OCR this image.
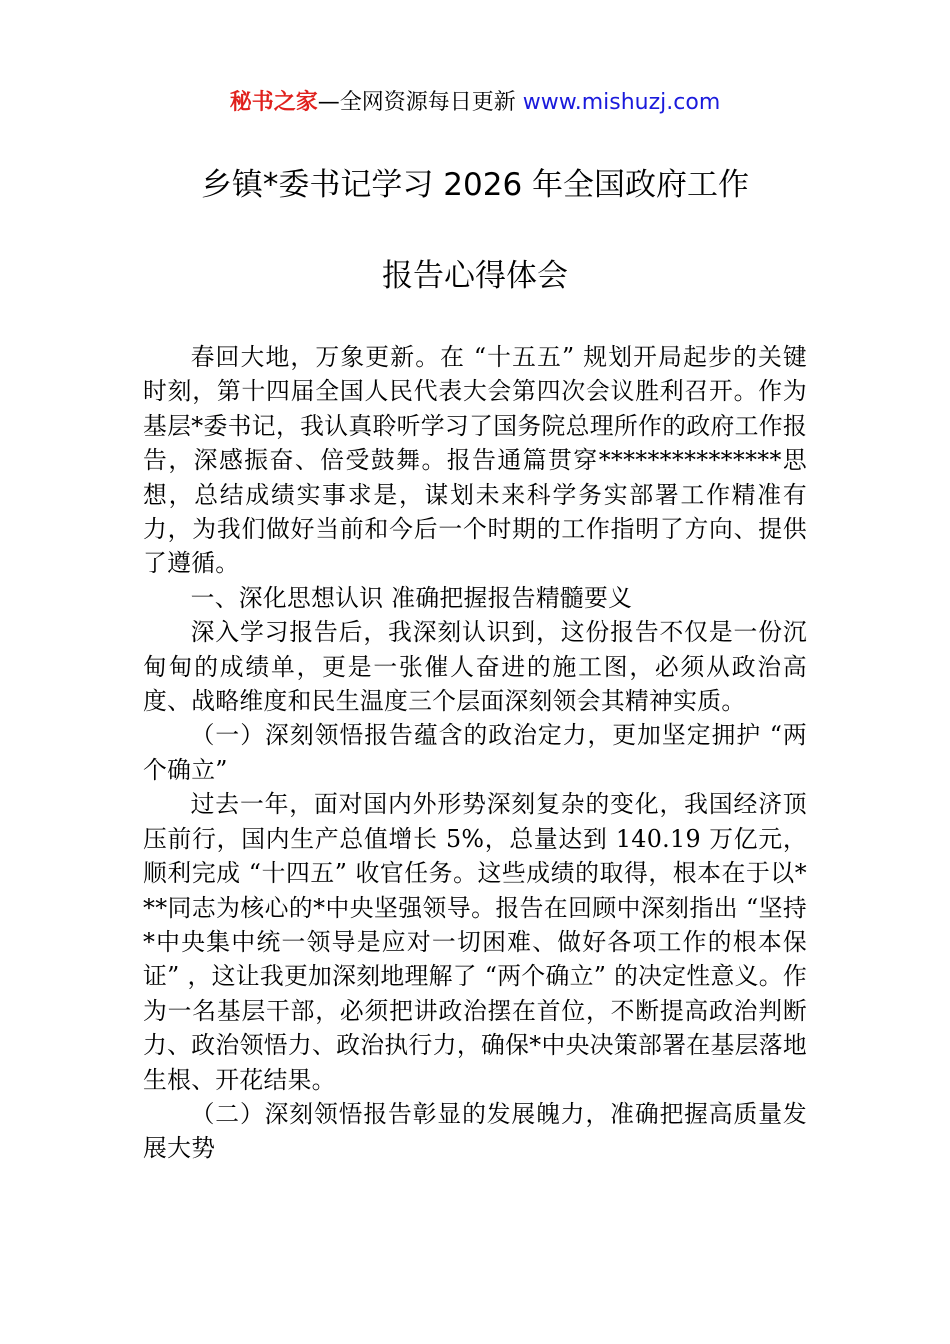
秘书之家—全网资源每日更新 www.mishuzj.com
乡镇*委书记学习 2026 年全国政府工作
报告心得体会

春回大地，万象更新。在 “十五五” 规划开局起步的关键时刻，第十四届全国人民代表大会第四次会议胜利召开。作为基层*委书记，我认真聆听学习了国务院总理所作的政府工作报告，深感振奋、倍受鼓舞。报告通篇贯穿***************思想，总结成绩实事求是，谋划未来科学务实部署工作精准有力，为我们做好当前和今后一个时期的工作指明了方向、提供了遵循。

一、深化思想认识 准确把握报告精髓要义

深入学习报告后，我深刻认识到，这份报告不仅是一份沉甸甸的成绩单，更是一张催人奋进的施工图，必须从政治高度、战略维度和民生温度三个层面深刻领会其精神实质。

（一）深刻领悟报告蕴含的政治定力，更加坚定拥护 “两个确立”

过去一年，面对国内外形势深刻复杂的变化，我国经济顶压前行，国内生产总值增长 5%，总量达到 140.19 万亿元，顺利完成 “十四五” 收官任务。这些成绩的取得，根本在于以***同志为核心的*中央坚强领导。报告在回顾中深刻指出 “坚持*中央集中统一领导是应对一切困难、做好各项工作的根本保证” ，这让我更加深刻地理解了 “两个确立” 的决定性意义。作为一名基层干部，必须把讲政治摆在首位，不断提高政治判断力、政治领悟力、政治执行力，确保*中央决策部署在基层落地生根、开花结果。

（二）深刻领悟报告彰显的发展魄力，准确把握高质量发展大势
